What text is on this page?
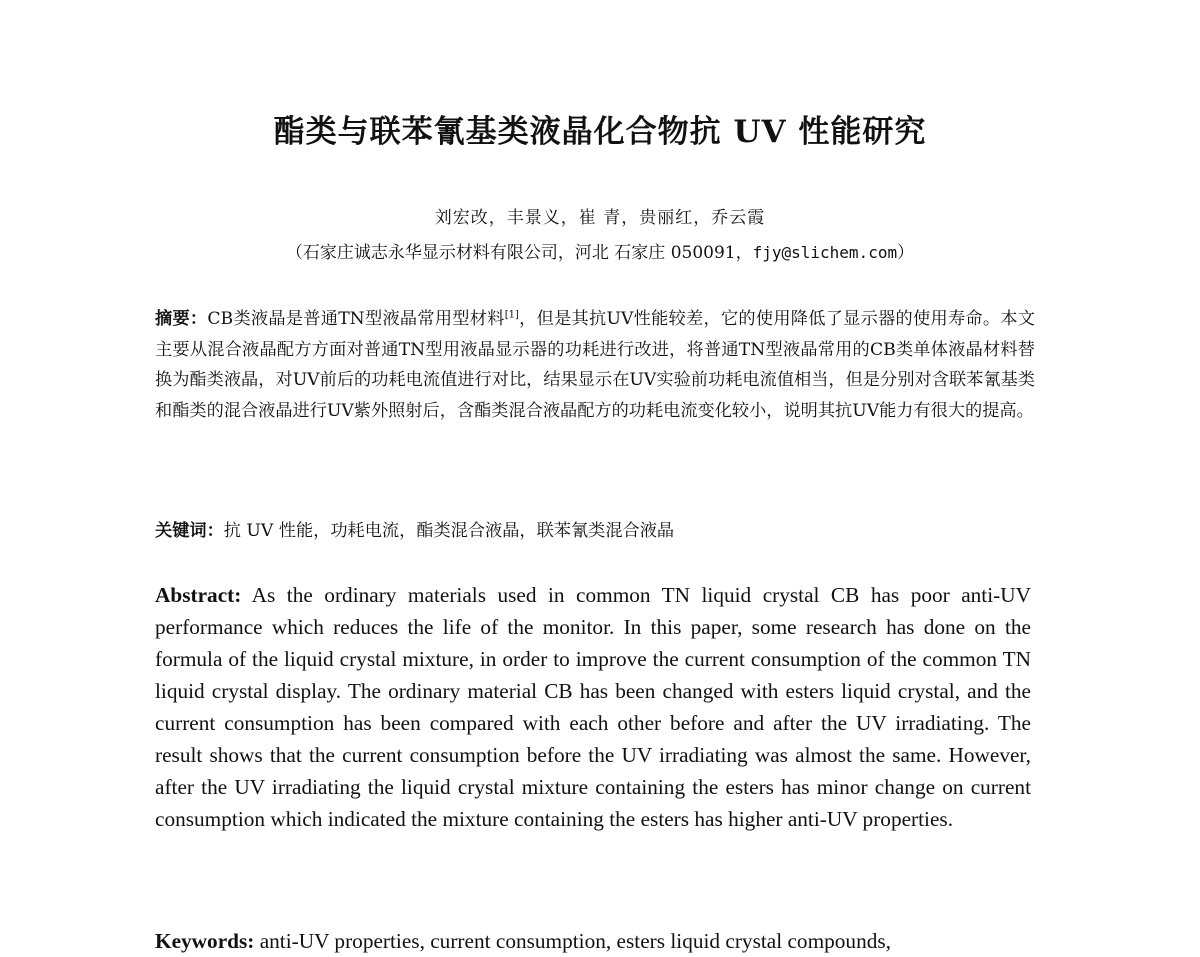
酯类与联苯氰基类液晶化合物抗 UV 性能研究
刘宏改，丰景义，崔 青，贵丽红，乔云霞
（石家庄诚志永华显示材料有限公司，河北 石家庄 050091，fjy@slichem.com）
摘要：CB类液晶是普通TN型液晶常用型材料[1]，但是其抗UV性能较差，它的使用降低了显示器的使用寿命。本文主要从混合液晶配方方面对普通TN型用液晶显示器的功耗进行改进，将普通TN型液晶常用的CB类单体液晶材料替换为酯类液晶，对UV前后的功耗电流值进行对比，结果显示在UV实验前功耗电流值相当，但是分别对含联苯氰基类和酯类的混合液晶进行UV紫外照射后，含酯类混合液晶配方的功耗电流变化较小，说明其抗UV能力有很大的提高。
关键词：抗 UV 性能，功耗电流，酯类混合液晶，联苯氰类混合液晶
Abstract: As the ordinary materials used in common TN liquid crystal CB has poor anti-UV performance which reduces the life of the monitor. In this paper, some research has done on the formula of the liquid crystal mixture, in order to improve the current consumption of the common TN liquid crystal display. The ordinary material CB has been changed with esters liquid crystal, and the current consumption has been compared with each other before and after the UV irradiating. The result shows that the current consumption before the UV irradiating was almost the same. However, after the UV irradiating the liquid crystal mixture containing the esters has minor change on current consumption which indicated the mixture containing the esters has higher anti-UV properties.
Keywords: anti-UV properties, current consumption, esters liquid crystal compounds,
